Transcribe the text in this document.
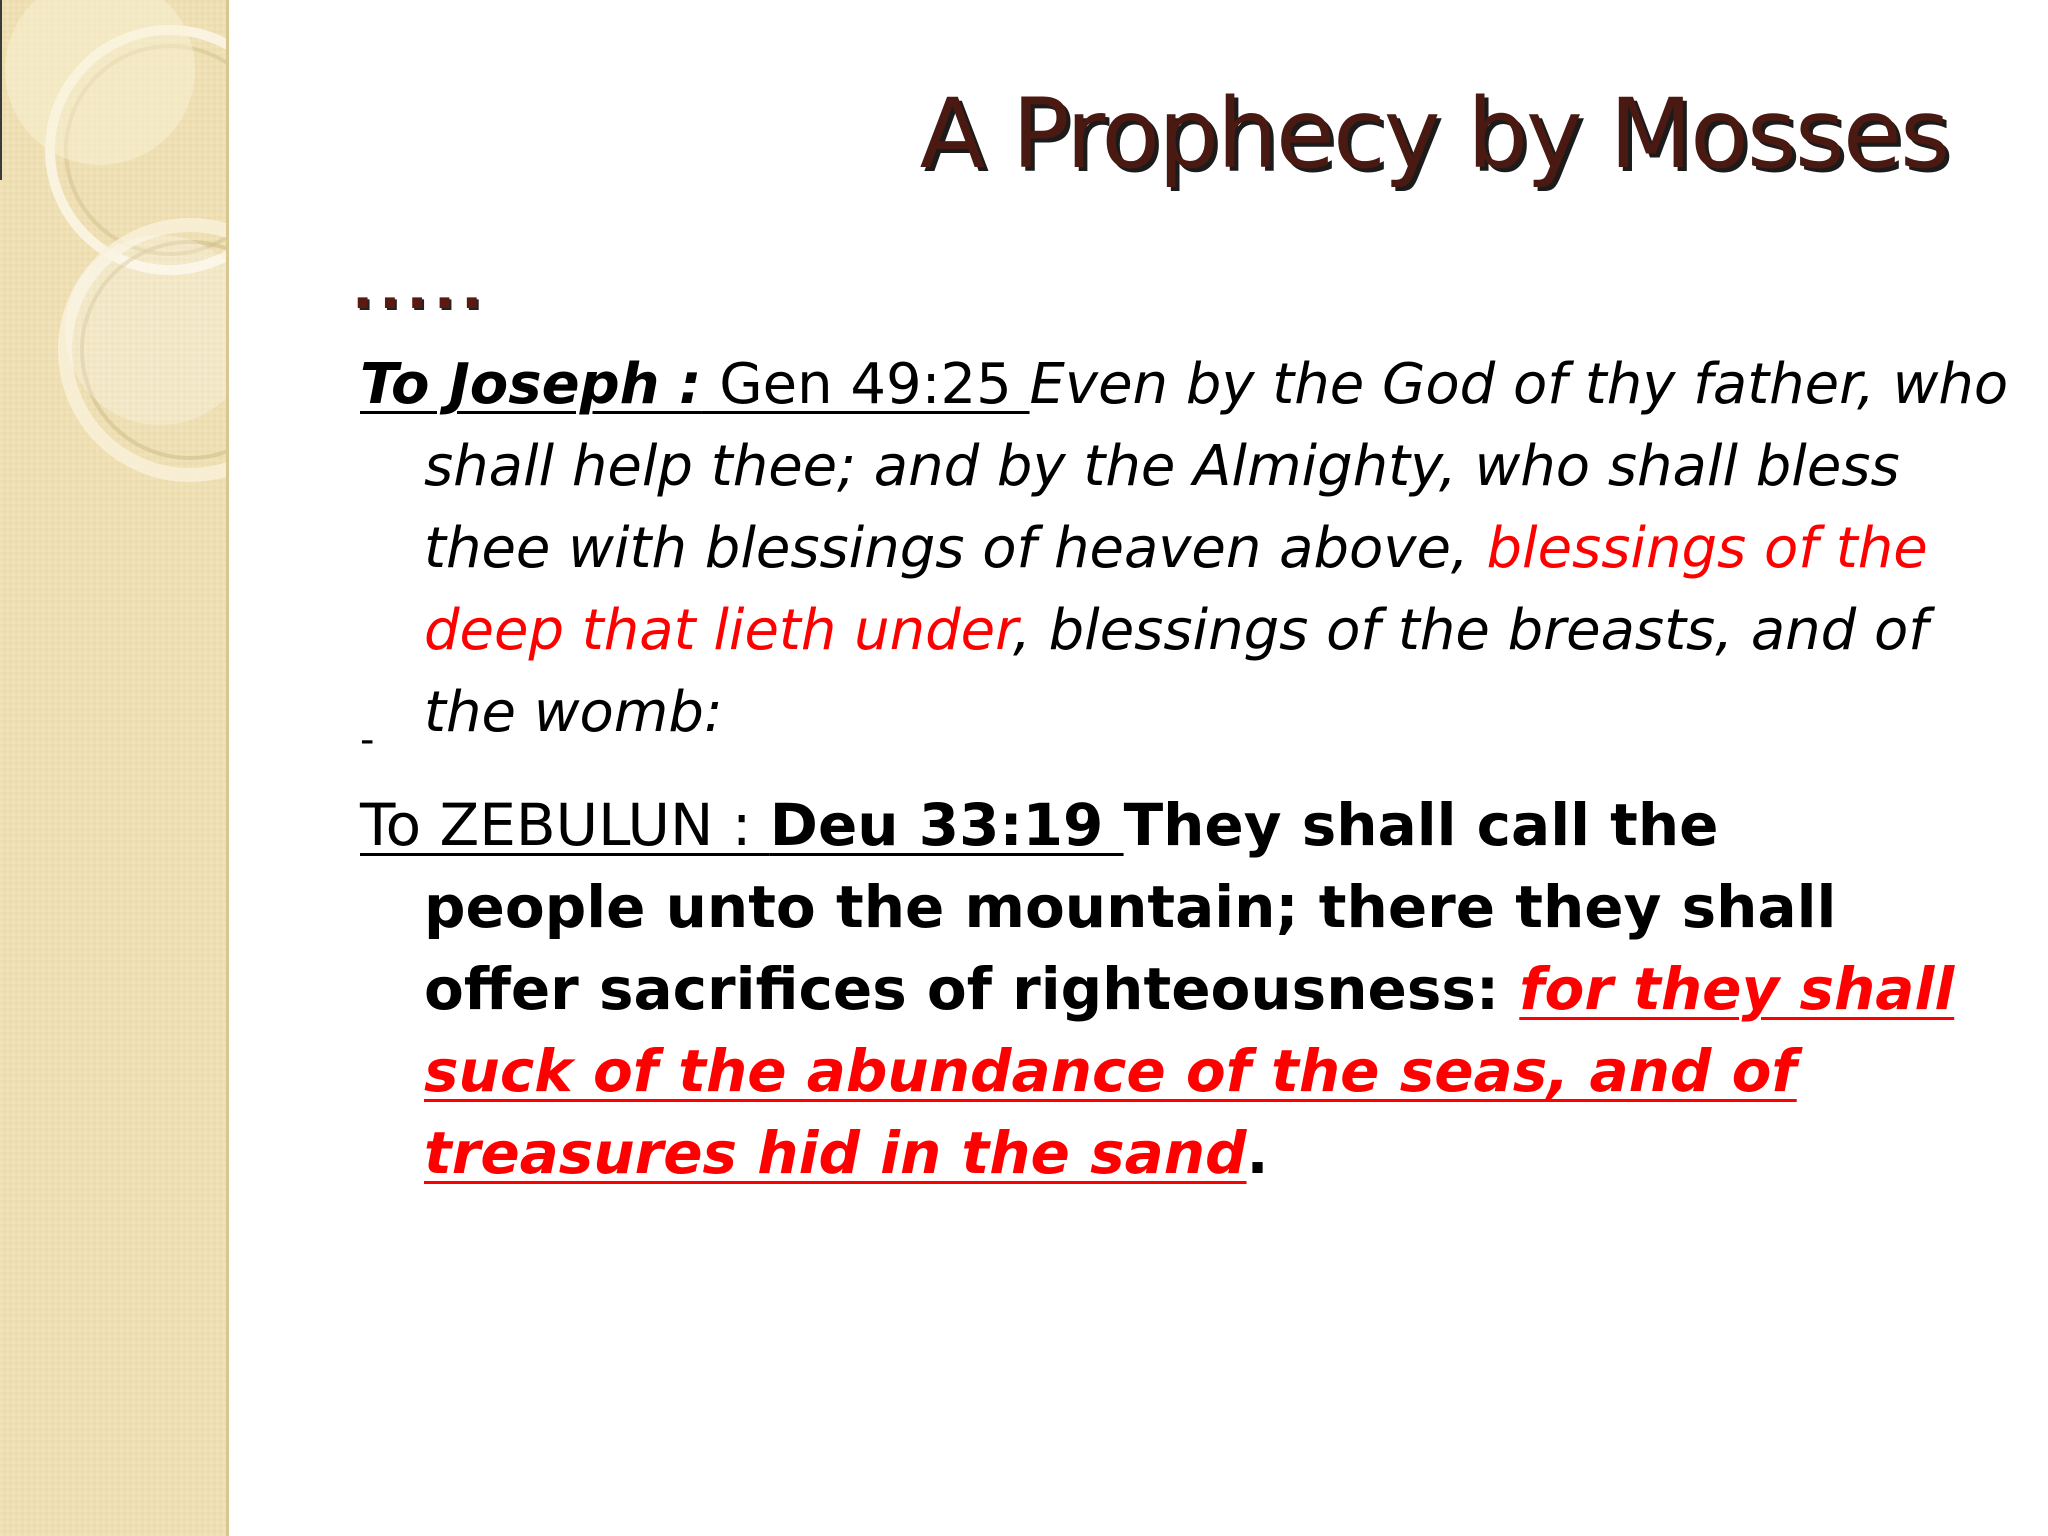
A Prophecy by Mosses
.....

To Joseph : Gen 49:25 Even by the God of thy father, who
shall help thee; and by the Almighty, who shall bless thee with blessings of heaven above, blessings of the deep that lieth under, blessings of the breasts, and of the womb:

-

To ZEBULUN : Deu 33:19 They shall call the
people unto the mountain; there they shall offer sacrifices of righteousness: for they shall suck of the abundance of the seas, and of treasures hid in the sand.
